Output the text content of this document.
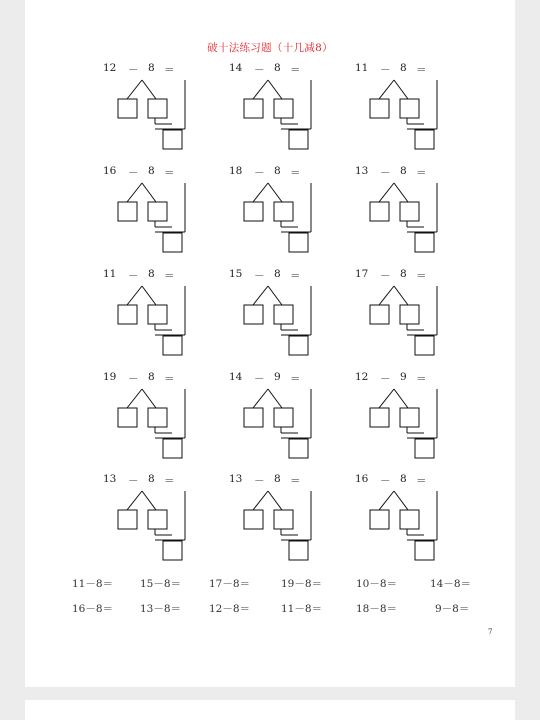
破十法练习题（十几减8）
12 － 8 ＝	14 － 8 ＝	11 － 8 ＝
16 － 8 ＝	18 － 8 ＝	13 － 8 ＝
11 － 8 ＝	15 － 8 ＝	17 － 8 ＝
19 － 8 ＝	14 － 9 ＝	12 － 9 ＝
13 － 8 ＝	13 － 8 ＝	16 － 8 ＝
11－8＝	15－8＝	17－8＝	19－8＝	10－8＝	14－8＝
16－8＝	13－8＝	12－8＝	11－8＝	18－8＝	9－8＝
7
